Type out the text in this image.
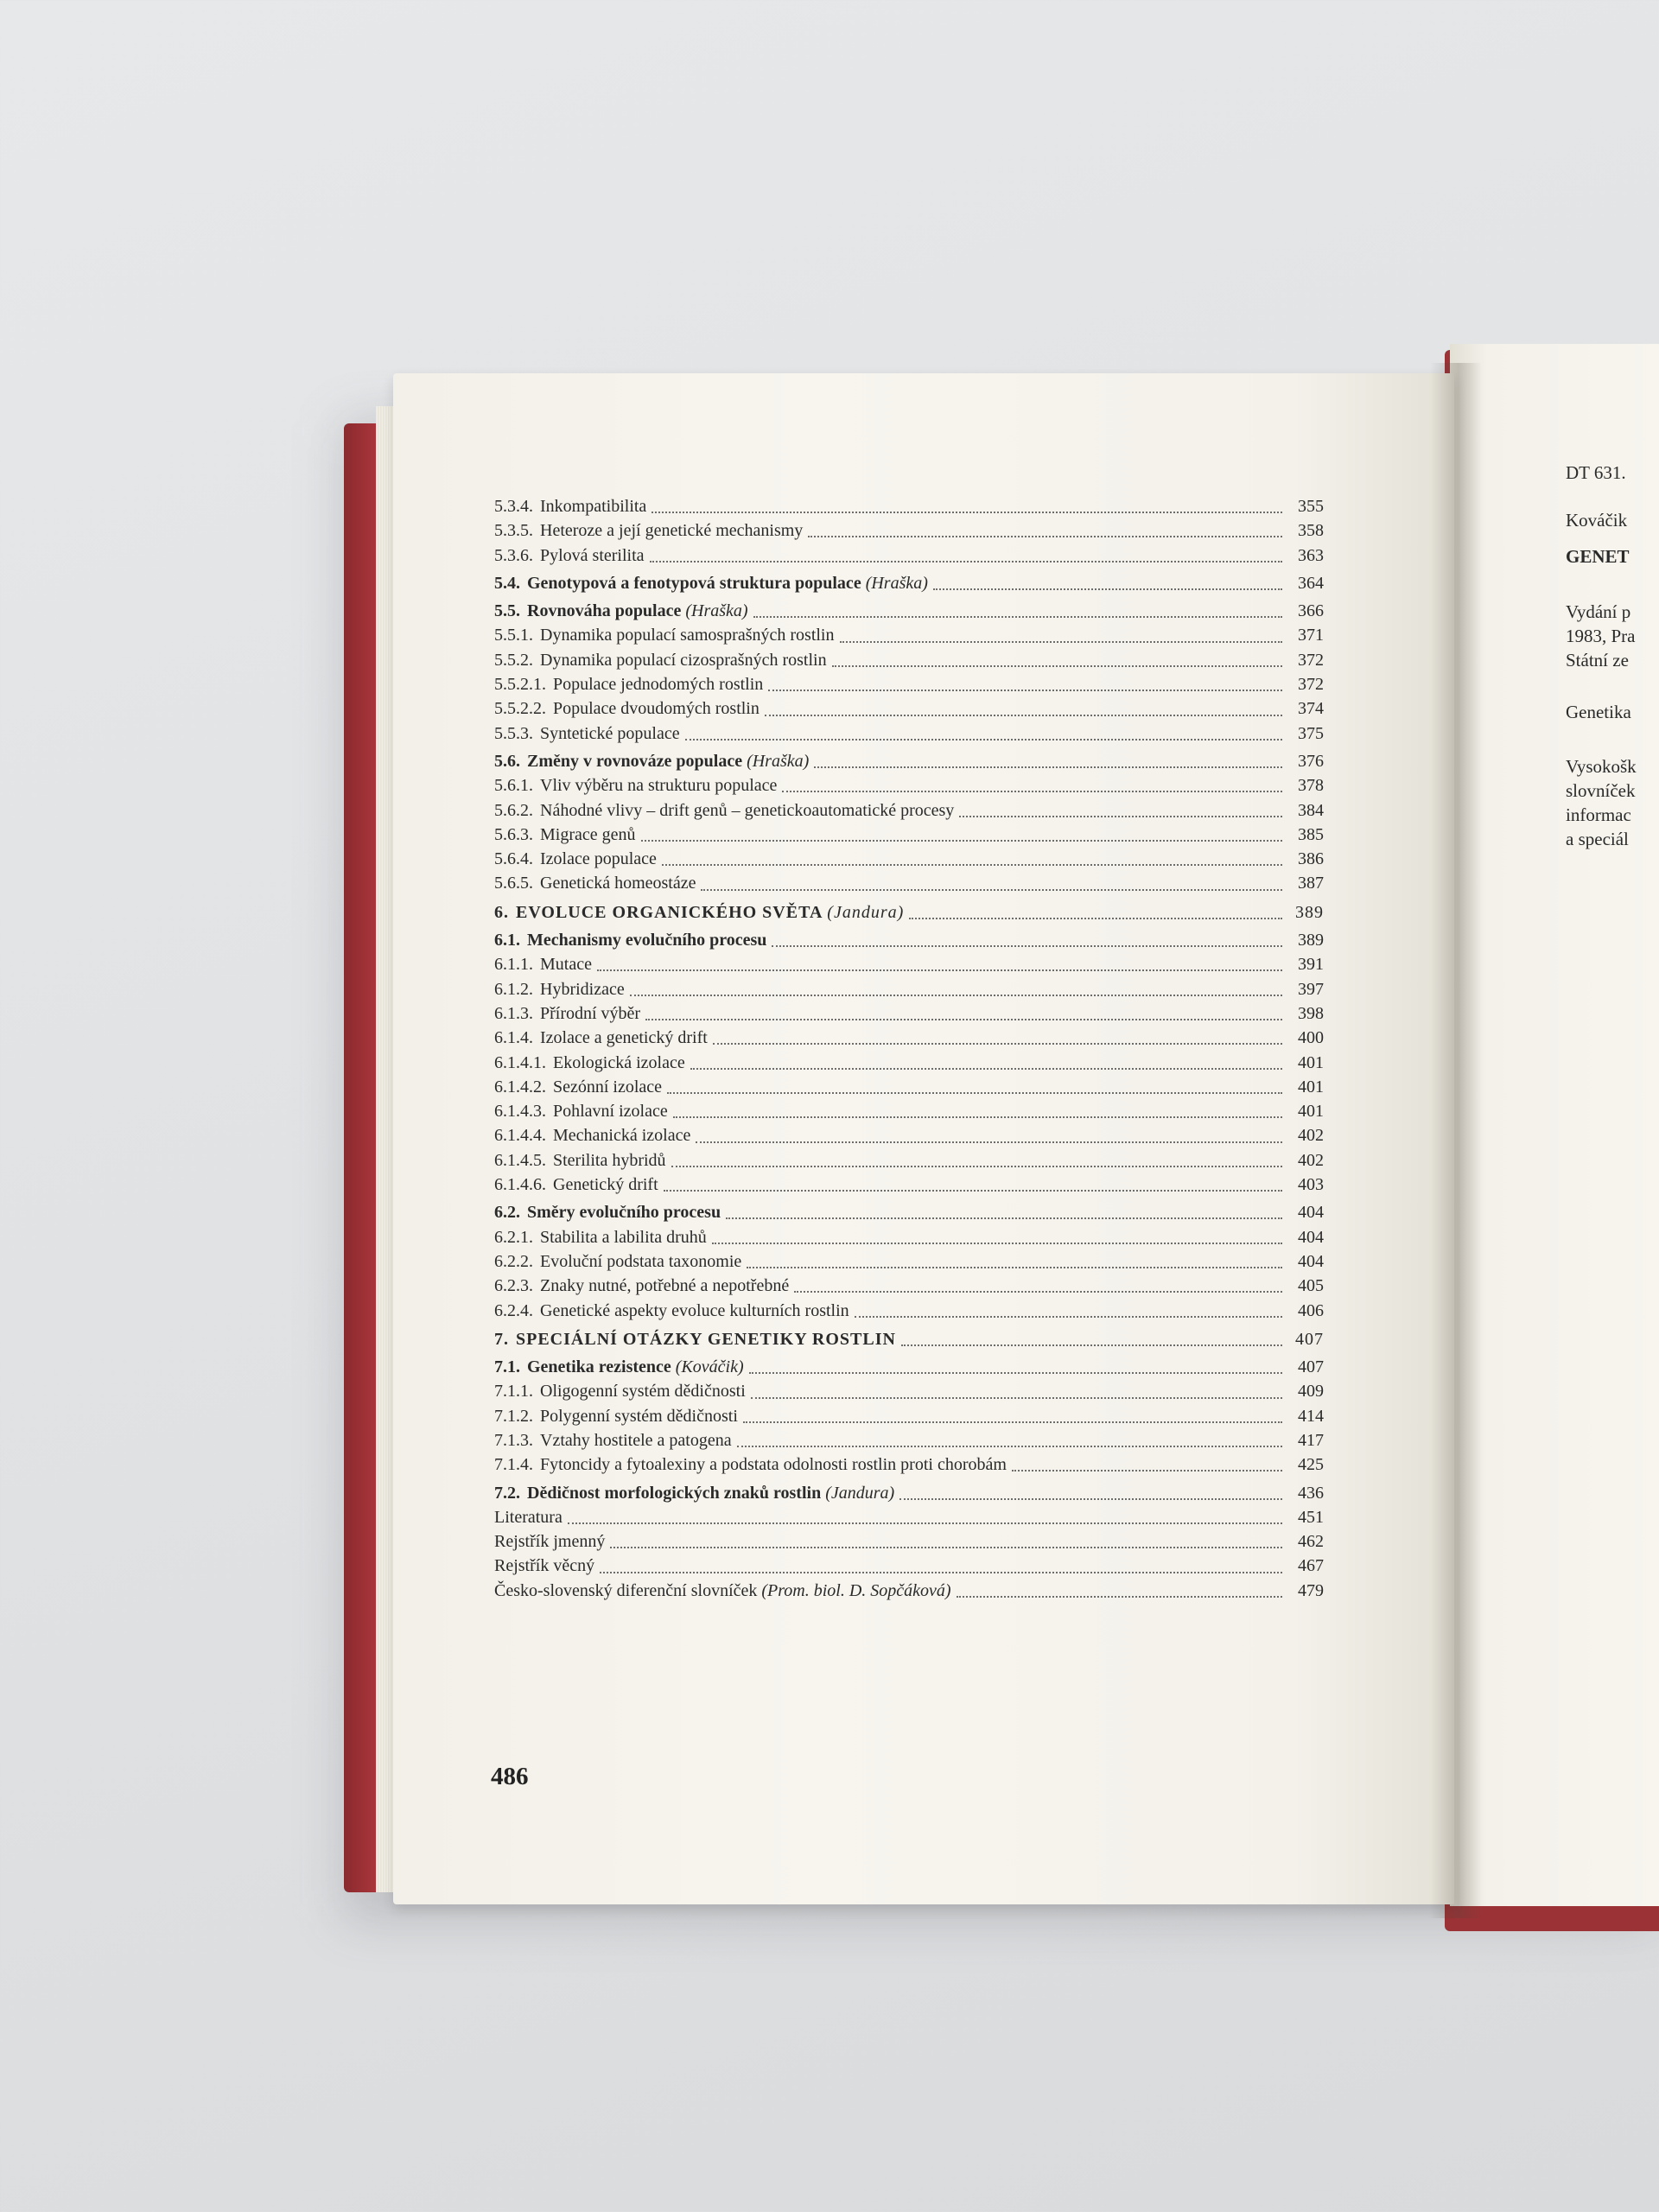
5.3.4. Inkompatibilita	355
5.3.5. Heteroze a její genetické mechanismy	358
5.3.6. Pylová sterilita	363
5.4. Genotypová a fenotypová struktura populace (Hraška)	364
5.5. Rovnováha populace (Hraška)	366
5.5.1. Dynamika populací samosprašných rostlin	371
5.5.2. Dynamika populací cizosprašných rostlin	372
5.5.2.1. Populace jednodomých rostlin	372
5.5.2.2. Populace dvoudomých rostlin	374
5.5.3. Syntetické populace	375
5.6. Změny v rovnováze populace (Hraška)	376
5.6.1. Vliv výběru na strukturu populace	378
5.6.2. Náhodné vlivy – drift genů – genetickoautomatické procesy	384
5.6.3. Migrace genů	385
5.6.4. Izolace populace	386
5.6.5. Genetická homeostáze	387
6. EVOLUCE ORGANICKÉHO SVĚTA (Jandura)	389
6.1. Mechanismy evolučního procesu	389
6.1.1. Mutace	391
6.1.2. Hybridizace	397
6.1.3. Přírodní výběr	398
6.1.4. Izolace a genetický drift	400
6.1.4.1. Ekologická izolace	401
6.1.4.2. Sezónní izolace	401
6.1.4.3. Pohlavní izolace	401
6.1.4.4. Mechanická izolace	402
6.1.4.5. Sterilita hybridů	402
6.1.4.6. Genetický drift	403
6.2. Směry evolučního procesu	404
6.2.1. Stabilita a labilita druhů	404
6.2.2. Evoluční podstata taxonomie	404
6.2.3. Znaky nutné, potřebné a nepotřebné	405
6.2.4. Genetické aspekty evoluce kulturních rostlin	406
7. SPECIÁLNÍ OTÁZKY GENETIKY ROSTLIN	407
7.1. Genetika rezistence (Kováčik)	407
7.1.1. Oligogenní systém dědičnosti	409
7.1.2. Polygenní systém dědičnosti	414
7.1.3. Vztahy hostitele a patogena	417
7.1.4. Fytoncidy a fytoalexiny a podstata odolnosti rostlin proti chorobám	425
7.2. Dědičnost morfologických znaků rostlin (Jandura)	436
Literatura	451
Rejstřík jmenný	462
Rejstřík věcný	467
Česko-slovenský diferenční slovníček (Prom. biol. D. Sopčáková)	479
486
DT 631.
Kováčik
GENET
Vydání p
1983, Pra
Státní ze
Genetika
Vysokošk
slovníček
informac
a speciál
